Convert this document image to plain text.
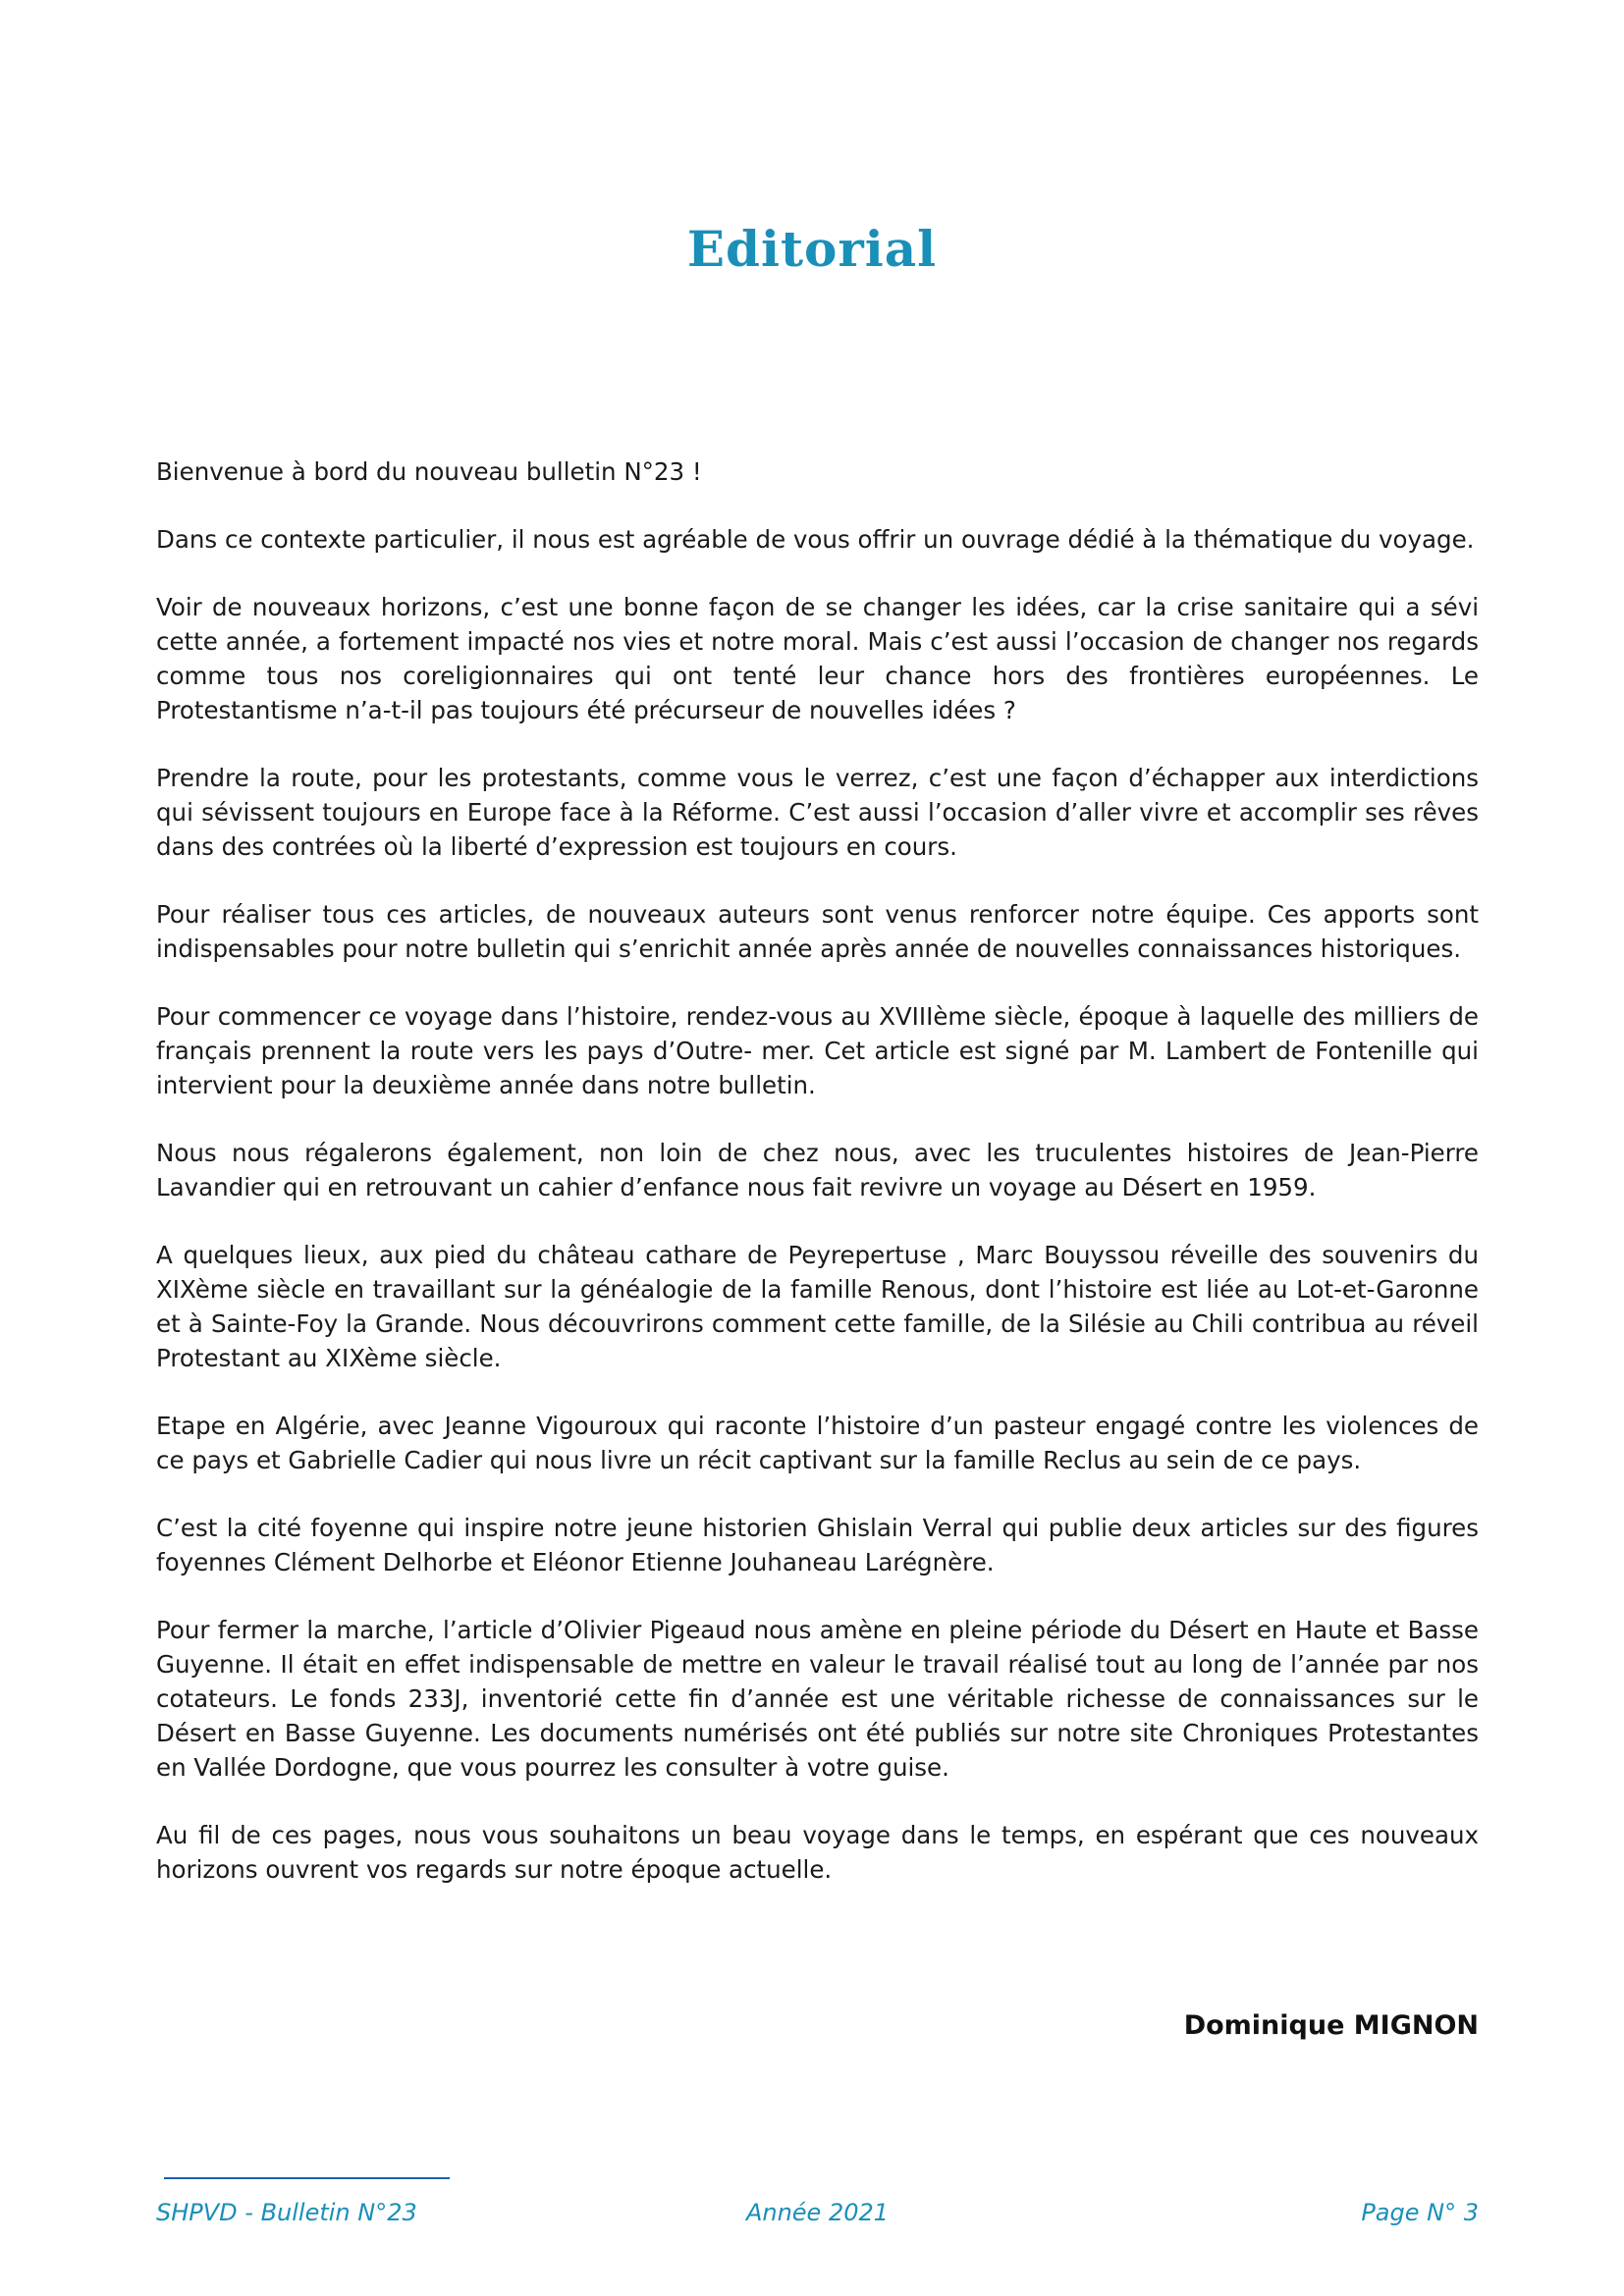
Editorial

Bienvenue à bord du nouveau bulletin N°23 !

Dans ce contexte particulier, il nous est agréable de vous offrir un ouvrage dédié à la thématique du voyage.

Voir de nouveaux horizons, c’est une bonne façon de se changer les idées, car la crise sanitaire qui a sévi cette année, a fortement impacté nos vies et notre moral. Mais c’est aussi l’occasion de changer nos regards comme tous nos coreligionnaires qui ont tenté leur chance hors des frontières européennes. Le Protestantisme n’a-t-il pas toujours été précurseur de nouvelles idées ?

Prendre la route, pour les protestants, comme vous le verrez, c’est une façon d’échapper aux interdictions qui sévissent toujours en Europe face à la Réforme. C’est aussi l’occasion d’aller vivre et accomplir ses rêves dans des contrées où la liberté d’expression est toujours en cours.

Pour réaliser tous ces articles, de nouveaux auteurs sont venus renforcer notre équipe. Ces apports sont indispensables pour notre bulletin qui s’enrichit année après année de nouvelles connaissances historiques.

Pour commencer ce voyage dans l’histoire, rendez-vous au XVIIIème siècle, époque à laquelle des milliers de français prennent la route vers les pays d’Outre- mer. Cet article est signé par M. Lambert de Fontenille qui intervient pour la deuxième année dans notre bulletin.

Nous nous régalerons également, non loin de chez nous, avec les truculentes histoires de Jean-Pierre Lavandier qui en retrouvant un cahier d’enfance nous fait revivre un voyage au Désert en 1959.

A quelques lieux, aux pied du château cathare de Peyrepertuse , Marc Bouyssou réveille des souvenirs du XIXème siècle en travaillant sur la généalogie de la famille Renous, dont l’histoire est liée au Lot-et-Garonne et à Sainte-Foy la Grande. Nous découvrirons comment cette famille, de la Silésie au Chili contribua au réveil Protestant au XIXème siècle.

Etape en Algérie, avec Jeanne Vigouroux qui raconte l’histoire d’un pasteur engagé contre les violences de ce pays et Gabrielle Cadier qui nous livre un récit captivant sur la famille Reclus au sein de ce pays.

C’est la cité foyenne qui inspire notre jeune historien Ghislain Verral qui publie deux articles sur des figures foyennes Clément Delhorbe et Eléonor Etienne Jouhaneau Larégnère.

Pour fermer la marche, l’article d’Olivier Pigeaud nous amène en pleine période du Désert en Haute et Basse Guyenne. Il était en effet indispensable de mettre en valeur le travail réalisé tout au long de l’année par nos cotateurs. Le fonds 233J, inventorié cette fin d’année est une véritable richesse de connaissances sur le Désert en Basse Guyenne. Les documents numérisés ont été publiés sur notre site Chroniques Protestantes en Vallée Dordogne, que vous pourrez les consulter à votre guise.

Au fil de ces pages, nous vous souhaitons un beau voyage dans le temps, en espérant que ces nouveaux horizons ouvrent vos regards sur notre époque actuelle.

Dominique MIGNON
SHPVD - Bulletin N°23	Année 2021	Page N° 3
